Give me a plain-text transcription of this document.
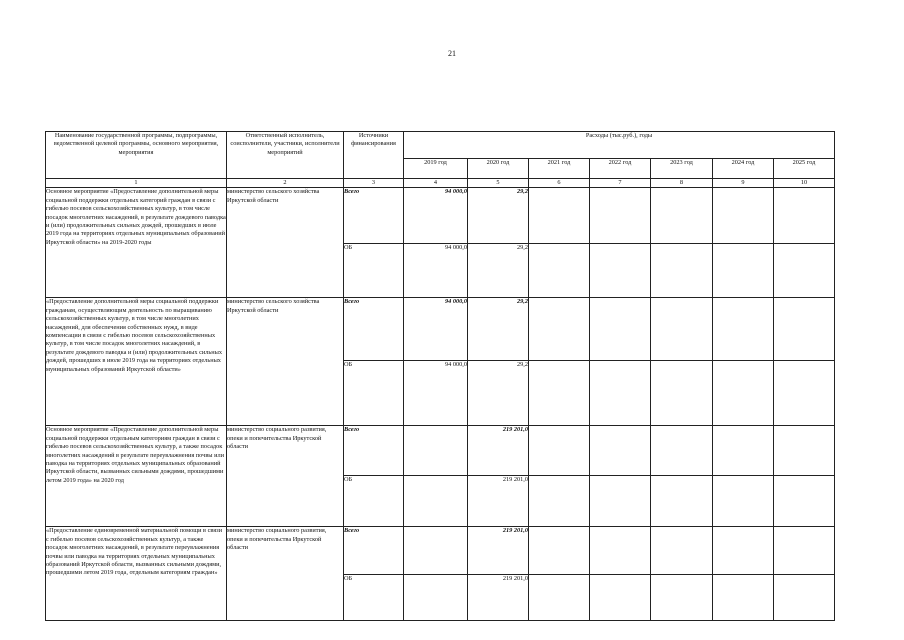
21
Наименование государственной программы, подпрограммы, ведомственной целевой программы, основного мероприятия, мероприятия	Ответственный исполнитель, соисполнители, участники, исполнители мероприятий	Источники финансирования	Расходы (тыс.руб.), годы						
			2019 год	2020 год	2021 год	2022 год	2023 год	2024 год	2025 год
1	2	3	4	5	6	7	8	9	10
Основное мероприятие «Предоставление дополнительной меры социальной поддержки отдельных категорий граждан в связи с гибелью посевов сельскохозяйственных культур, в том числе посадок многолетних насаждений, в результате дождевого паводка и (или) продолжительных сильных дождей, прошедших в июле 2019 года на территориях отдельных муниципальных образований Иркутской области» на 2019-2020 годы	министерство сельского хозяйства Иркутской области	Всего	94 000,0	29,2					
		ОБ	94 000,0	29,2					
«Предоставление дополнительной меры социальной поддержки гражданам, осуществляющим деятельность по выращиванию сельскохозяйственных культур, в том числе многолетних насаждений, для обеспечения собственных нужд, в виде компенсации в связи с гибелью посевов сельскохозяйственных культур, в том числе посадок многолетних насаждений, в результате дождевого паводка и (или) продолжительных сильных дождей, прошедших в июле 2019 года на территориях отдельных муниципальных образований Иркутской области»	министерство сельского хозяйства Иркутской области	Всего	94 000,0	29,2					
		ОБ	94 000,0	29,2					
Основное мероприятие «Предоставление дополнительной меры социальной поддержки отдельным категориям граждан в связи с гибелью посевов сельскохозяйственных культур, а также посадок многолетних насаждений в результате переувлажнения почвы или паводка на территориях отдельных муниципальных образований Иркутской области, вызванных сильными дождями, прошедшими летом 2019 года» на 2020 год	министерство социального развития, опеки и попечительства Иркутской области	Всего		219 201,0					
		ОБ		219 201,0					
«Предоставление единовременной материальной помощи в связи с гибелью посевов сельскохозяйственных культур, а также посадок многолетних насаждений, в результате переувлажнения почвы или паводка на территориях отдельных муниципальных образований Иркутской области, вызванных сильными дождями, прошедшими летом 2019 года, отдельным категориям граждан»	министерство социального развития, опеки и попечительства Иркутской области	Всего		219 201,0					
		ОБ		219 201,0					
